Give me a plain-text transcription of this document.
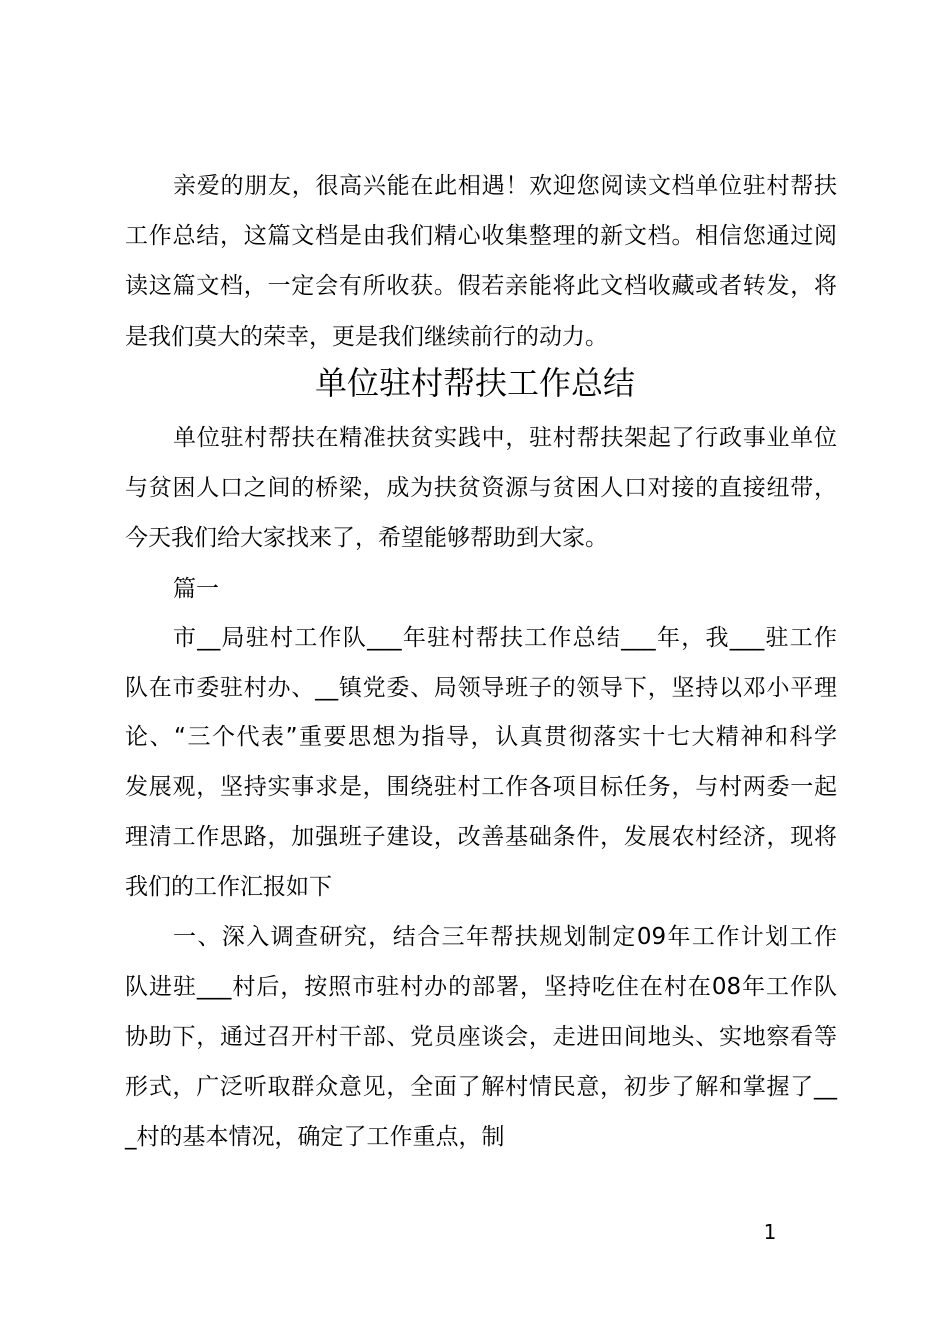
亲爱的朋友，很高兴能在此相遇！欢迎您阅读文档单位驻村帮扶
工作总结，这篇文档是由我们精心收集整理的新文档。相信您通过阅
读这篇文档，一定会有所收获。假若亲能将此文档收藏或者转发，将
是我们莫大的荣幸，更是我们继续前行的动力。
单位驻村帮扶工作总结
单位驻村帮扶在精准扶贫实践中，驻村帮扶架起了行政事业单位
与贫困人口之间的桥梁，成为扶贫资源与贫困人口对接的直接纽带，
今天我们给大家找来了，希望能够帮助到大家。
篇一
市__局驻村工作队___年驻村帮扶工作总结___年，我___驻工作
队在市委驻村办、__镇党委、局领导班子的领导下，坚持以邓小平理
论、“三个代表”重要思想为指导，认真贯彻落实十七大精神和科学
发展观，坚持实事求是，围绕驻村工作各项目标任务，与村两委一起
理清工作思路，加强班子建设，改善基础条件，发展农村经济，现将
我们的工作汇报如下
一、深入调查研究，结合三年帮扶规划制定09年工作计划工作
队进驻___村后，按照市驻村办的部署，坚持吃住在村在08年工作队
协助下，通过召开村干部、党员座谈会，走进田间地头、实地察看等
形式，广泛听取群众意见，全面了解村情民意，初步了解和掌握了__
_村的基本情况，确定了工作重点，制
1
